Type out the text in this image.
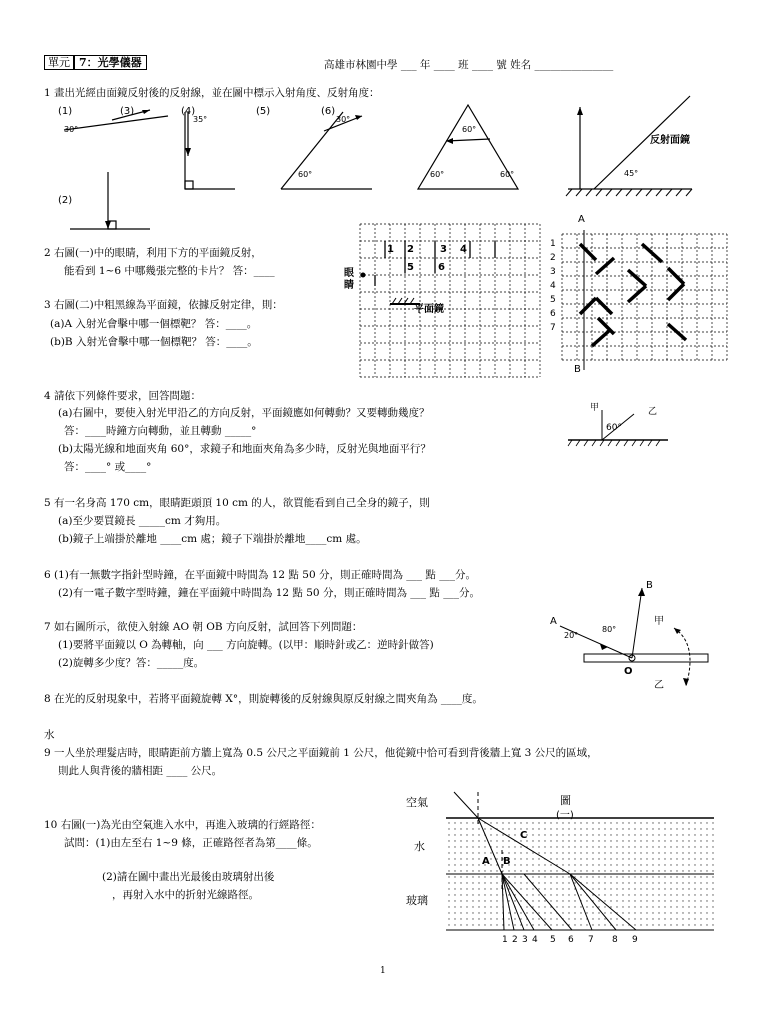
單元 7：光學儀器	高雄市林園中學 ___ 年 ____ 班 ____ 號 姓名 _______________
1 畫出光經由面鏡反射後的反射線，並在圖中標示入射角度、反射角度：
(1)	(3)	(4)	(5)	(6)
(2)
30°
35°	30°
60°
60°
60°	60°	45°
反射面鏡
2 右圖(一)中的眼睛，利用下方的平面鏡反射，
能看到 1~6 中哪幾張完整的卡片？ 答：____
3 右圖(二)中粗黑線為平面鏡，依據反射定律，則：
(a)A 入射光會擊中哪一個標靶？ 答：____。
(b)B 入射光會擊中哪一個標靶？ 答：____。
1 2	3 4
5 6
平面鏡
眼睛
1
2
3
4
5
6
7
A
B
4 請依下列條件要求，回答問題：
(a)右圖中，要使入射光甲沿乙的方向反射，平面鏡應如何轉動？又要轉動幾度？
答：____時鐘方向轉動，並且轉動 _____°
(b)太陽光線和地面夾角 60°，求鏡子和地面夾角為多少時，反射光與地面平行？
答：____° 或____°
甲	乙
60°
5 有一名身高 170 cm，眼睛距頭頂 10 cm 的人，欲買能看到自己全身的鏡子，則
(a)至少要買鏡長 _____cm 才夠用。
(b)鏡子上端掛於離地 ____cm 處；鏡子下端掛於離地____cm 處。
6 (1)有一無數字指針型時鐘，在平面鏡中時間為 12 點 50 分，則正確時間為 ___ 點 ___分。
(2)有一電子數字型時鐘，鐘在平面鏡中時間為 12 點 50 分，則正確時間為 ___ 點 ___分。
7 如右圖所示，欲使入射線 AO 朝 OB 方向反射，試回答下列問題：
(1)要將平面鏡以 O 為轉軸，向 ___ 方向旋轉。(以甲：順時針或乙：逆時針做答)
(2)旋轉多少度？答：_____度。
A
B
O
20°
80°
甲
乙
8 在光的反射現象中，若將平面鏡旋轉 X°，則旋轉後的反射線與原反射線之間夾角為 ____度。
水
9 一人坐於理髮店時，眼睛距前方牆上寬為 0.5 公尺之平面鏡前 1 公尺，他從鏡中恰可看到背後牆上寬 3 公尺的區域，
則此人與背後的牆相距 ____ 公尺。
10 右圖(一)為光由空氣進入水中，再進入玻璃的行經路徑：
試問：(1)由左至右 1~9 條，正確路徑者為第____條。
(2)請在圖中畫出光最後由玻璃射出後
，再射入水中的折射光線路徑。
空氣	圖
(一)
水
玻璃
A B
C
1 2 3 4 5 6 7 8 9
1
